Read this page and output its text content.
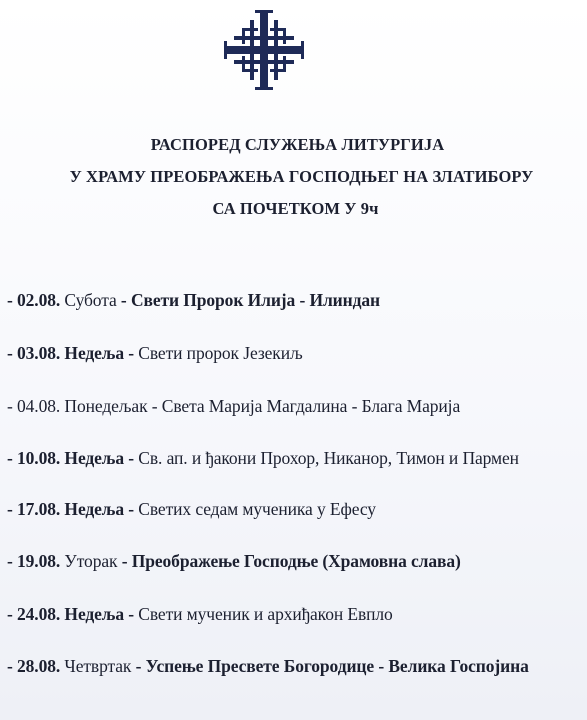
РАСПОРЕД СЛУЖЕЊА ЛИТУРГИЈА
У ХРАМУ ПРЕОБРАЖЕЊА ГОСПОДЊЕГ НА ЗЛАТИБОРУ
СА ПОЧЕТКОМ У 9ч
- 02.08. Субота - Свети Пророк Илија - Илиндан
- 03.08. Недеља - Свети пророк Језекиљ
- 04.08. Понедељак - Света Марија Магдалина - Блага Марија
- 10.08. Недеља - Св. ап. и ђакони Прохор, Никанор, Тимон и Пармен
- 17.08. Недеља - Светих седам мученика у Ефесу
- 19.08. Уторак - Преображење Господње (Храмовна слава)
- 24.08. Недеља - Свети мученик и архиђакон Евпло
- 28.08. Четвртак - Успење Пресвете Богородице - Велика Госпојина
